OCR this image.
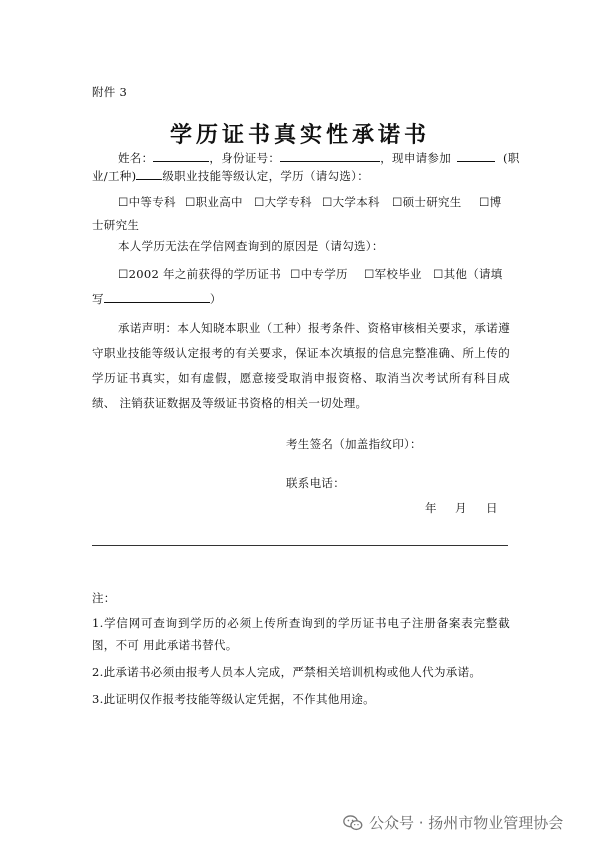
附件 3
学历证书真实性承诺书
姓名：	，身份证号：	，现申请参加	(职
业/工种) 级职业技能等级认定，学历（请勾选）：
☐中等专科 ☐职业高中 ☐大学专科 ☐大学本科 ☐硕士研究生 ☐博
士研究生
本人学历无法在学信网查询到的原因是（请勾选）：
☐2002 年之前获得的学历证书 ☐中专学历 ☐军校毕业 ☐其他（请填
写	）
承诺声明：本人知晓本职业（工种）报考条件、资格审核相关要求，承诺遵 守职业技能等级认定报考的有关要求，保证本次填报的信息完整准确、所上传的 学历证书真实，如有虚假，愿意接受取消申报资格、取消当次考试所有科目成绩、 注销获证数据及等级证书资格的相关一切处理。
考生签名（加盖指纹印）：
联系电话：
年 月 日
注：
1.学信网可查询到学历的必须上传所查询到的学历证书电子注册备案表完整截图，不可 用此承诺书替代。
2.此承诺书必须由报考人员本人完成，严禁相关培训机构或他人代为承诺。
3.此证明仅作报考技能等级认定凭据，不作其他用途。
公众号 · 扬州市物业管理协会
